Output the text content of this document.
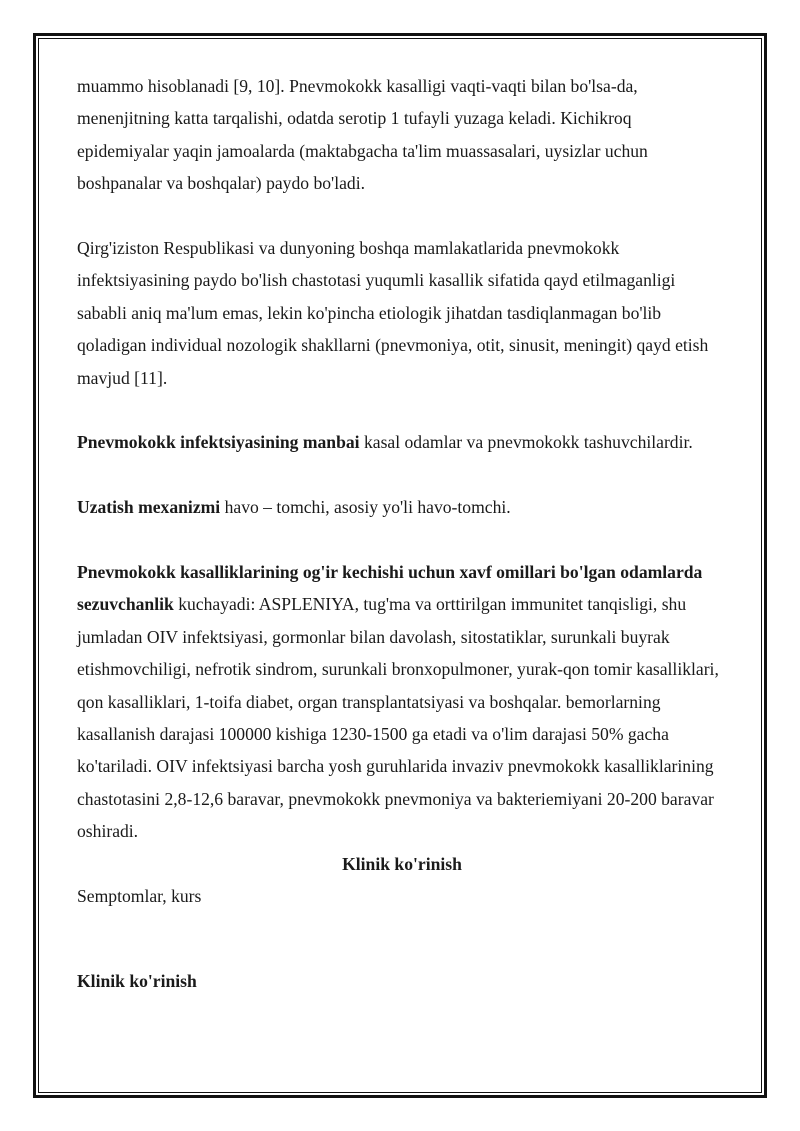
muammo hisoblanadi [9, 10]. Pnevmokokk kasalligi vaqti-vaqti bilan bo'lsa-da, menenjitning katta tarqalishi, odatda serotip 1 tufayli yuzaga keladi. Kichikroq epidemiyalar yaqin jamoalarda (maktabgacha ta'lim muassasalari, uysizlar uchun boshpanalar va boshqalar) paydo bo'ladi.

Qirg'iziston Respublikasi va dunyoning boshqa mamlakatlarida pnevmokokk infektsiyasining paydo bo'lish chastotasi yuqumli kasallik sifatida qayd etilmaganligi sababli aniq ma'lum emas, lekin ko'pincha etiologik jihatdan tasdiqlanmagan bo'lib qoladigan individual nozologik shakllarni (pnevmoniya, otit, sinusit, meningit) qayd etish mavjud [11].

Pnevmokokk infektsiyasining manbai kasal odamlar va pnevmokokk tashuvchilardir.

Uzatish mexanizmi havo – tomchi, asosiy yo'li havo-tomchi.

Pnevmokokk kasalliklarining og'ir kechishi uchun xavf omillari bo'lgan odamlarda sezuvchanlik kuchayadi: ASPLENIYA, tug'ma va orttirilgan immunitet tanqisligi, shu jumladan OIV infektsiyasi, gormonlar bilan davolash, sitostatiklar, surunkali buyrak etishmovchiligi, nefrotik sindrom, surunkali bronxopulmoner, yurak-qon tomir kasalliklari, qon kasalliklari, 1-toifa diabet, organ transplantatsiyasi va boshqalar. bemorlarning kasallanish darajasi 100000 kishiga 1230-1500 ga etadi va o'lim darajasi 50% gacha ko'tariladi. OIV infektsiyasi barcha yosh guruhlarida invaziv pnevmokokk kasalliklarining chastotasini 2,8-12,6 baravar, pnevmokokk pnevmoniya va bakteriemiyani 20-200 baravar oshiradi.

Klinik ko'rinish

Semptomlar, kurs

Klinik ko'rinish
